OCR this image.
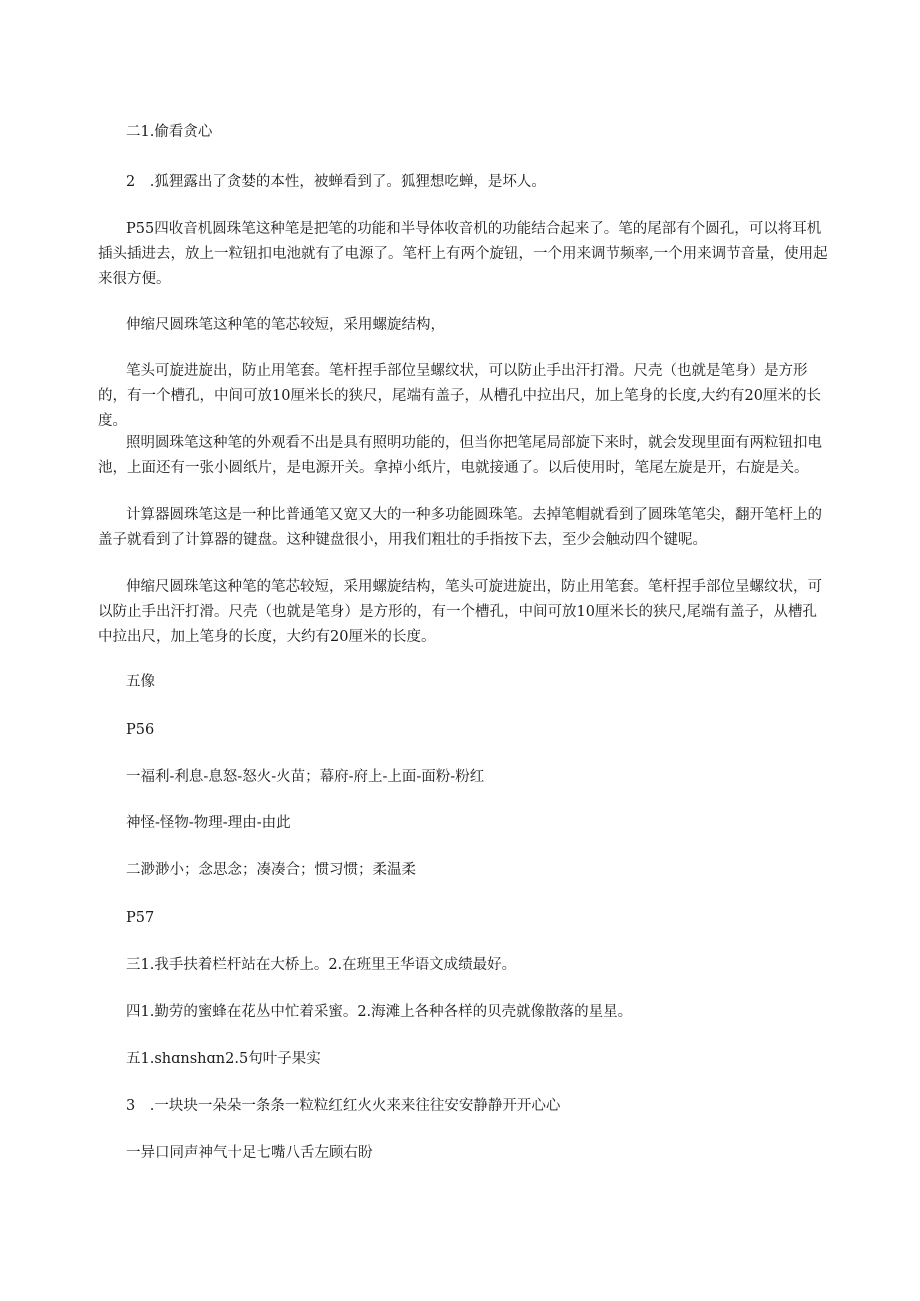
二1.偷看贪心

2　.狐狸露出了贪婪的本性，被蝉看到了。狐狸想吃蝉，是坏人。

P55四收音机圆珠笔这种笔是把笔的功能和半导体收音机的功能结合起来了。笔的尾部有个圆孔，可以将耳机插头插进去，放上一粒钮扣电池就有了电源了。笔杆上有两个旋钮，一个用来调节频率,一个用来调节音量，使用起来很方便。

伸缩尺圆珠笔这种笔的笔芯较短，采用螺旋结构，

笔头可旋进旋出，防止用笔套。笔杆捏手部位呈螺纹状，可以防止手出汗打滑。尺壳（也就是笔身）是方形的，有一个槽孔，中间可放10厘米长的狭尺，尾端有盖子，从槽孔中拉出尺，加上笔身的长度,大约有20厘米的长度。

照明圆珠笔这种笔的外观看不出是具有照明功能的，但当你把笔尾局部旋下来时，就会发现里面有两粒钮扣电池，上面还有一张小圆纸片，是电源开关。拿掉小纸片，电就接通了。以后使用时，笔尾左旋是开，右旋是关。

计算器圆珠笔这是一种比普通笔又宽又大的一种多功能圆珠笔。去掉笔帽就看到了圆珠笔笔尖，翻开笔杆上的盖子就看到了计算器的键盘。这种键盘很小，用我们粗壮的手指按下去，至少会触动四个键呢。

伸缩尺圆珠笔这种笔的笔芯较短，采用螺旋结构，笔头可旋进旋出，防止用笔套。笔杆捏手部位呈螺纹状，可以防止手出汗打滑。尺壳（也就是笔身）是方形的，有一个槽孔，中间可放10厘米长的狭尺,尾端有盖子，从槽孔中拉出尺，加上笔身的长度，大约有20厘米的长度。

五像

P56

一福利-利息-息怒-怒火-火苗；幕府-府上-上面-面粉-粉红

神怪-怪物-物理-理由-由此

二渺渺小；念思念；凑凑合；惯习惯；柔温柔

P57

三1.我手扶着栏杆站在大桥上。2.在班里王华语文成绩最好。

四1.勤劳的蜜蜂在花丛中忙着采蜜。2.海滩上各种各样的贝壳就像散落的星星。

五1.shɑnshɑn2.5句叶子果实

3　.一块块一朵朵一条条一粒粒红红火火来来往往安安静静开开心心

一异口同声神气十足七嘴八舌左顾右盼
